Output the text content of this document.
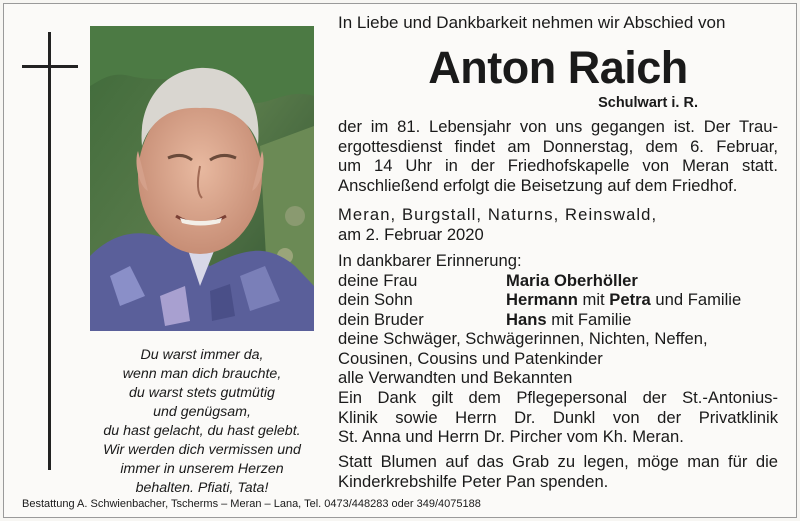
Du warst immer da,
wenn man dich brauchte,
du warst stets gutmütig
und genügsam,
du hast gelacht, du hast gelebt.
Wir werden dich vermissen und
immer in unserem Herzen
behalten. Pfiati, Tata!
In Liebe und Dankbarkeit nehmen wir Abschied von
Anton Raich
Schulwart i. R.
der im 81. Lebensjahr von uns gegangen ist. Der Trau-
ergottesdienst findet am Donnerstag, dem 6. Februar,
um 14 Uhr in der Friedhofskapelle von Meran statt.
Anschließend erfolgt die Beisetzung auf dem Friedhof.
Meran, Burgstall, Naturns, Reinswald,
am 2. Februar 2020
In dankbarer Erinnerung:
deine Frau	Maria Oberhöller
dein Sohn	Hermann mit Petra und Familie
dein Bruder	Hans mit Familie
deine Schwäger, Schwägerinnen, Nichten, Neffen,
Cousinen, Cousins und Patenkinder
alle Verwandten und Bekannten
Ein Dank gilt dem Pflegepersonal der St.-Antonius-
Klinik sowie Herrn Dr. Dunkl von der Privatklinik
St. Anna und Herrn Dr. Pircher vom Kh. Meran.
Statt Blumen auf das Grab zu legen, möge man für die
Kinderkrebshilfe Peter Pan spenden.
Bestattung A. Schwienbacher, Tscherms – Meran – Lana, Tel. 0473/448283 oder 349/4075188
